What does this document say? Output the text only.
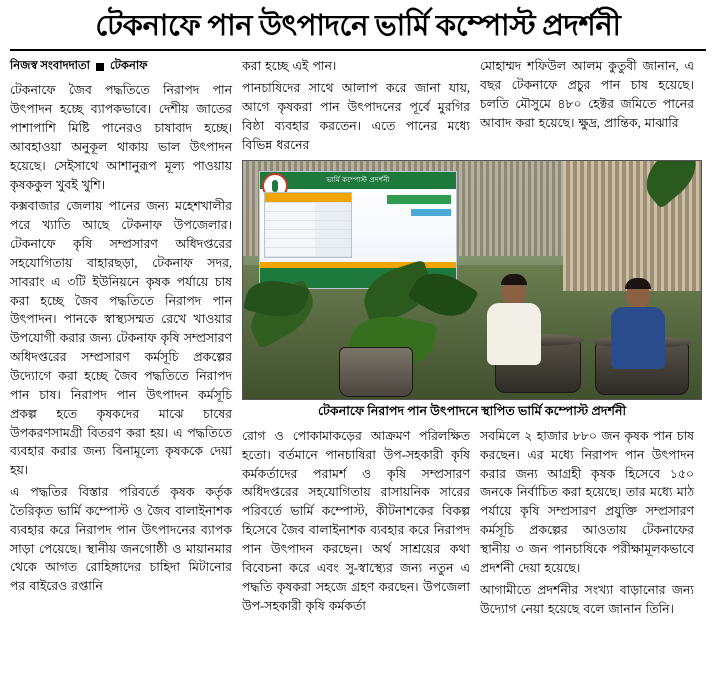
টেকনাফে পান উৎপাদনে ভার্মি কম্পোস্ট প্রদর্শনী
নিজস্ব সংবাদদাতা টেকনাফ

টেকনাফে জৈব পদ্ধতিতে নিরাপদ পান উৎপাদন হচ্ছে ব্যাপকভাবে। দেশীয় জাতের পাশাপাশি মিষ্টি পানেরও চাষাবাদ হচ্ছে। আবহাওয়া অনুকূল থাকায় ভাল উৎপাদন হয়েছে। সেইসাথে আশানুরূপ মূল্য পাওয়ায় কৃষককুল খুবই খুশি।

কক্সবাজার জেলায় পানের জন্য মহেশখালীর পরে খ্যাতি আছে টেকনাফ উপজেলার। টেকনাফে কৃষি সম্প্রসারণ অধিদপ্তরের সহযোগিতায় বাহারছড়া, টেকনাফ সদর, সাবরাং এ ৩টি ইউনিয়নে কৃষক পর্যায়ে চাষ করা হচ্ছে জৈব পদ্ধতিতে নিরাপদ পান উৎপাদন। পানকে স্বাস্থ্যসম্মত রেখে খাওয়ার উপযোগী করার জন্য টেকনাফ কৃষি সম্প্রসারণ অধিদপ্তরের সম্প্রসারণ কর্মসূচি প্রকল্পের উদ্যোগে করা হচ্ছে জৈব পদ্ধতিতে নিরাপদ পান চাষ। নিরাপদ পান উৎপাদন কর্মসূচি প্রকল্প হতে কৃষকদের মাঝে চাষের উপকরণসামগ্রী বিতরণ করা হয়। এ পদ্ধতিতে ব্যবহার করার জন্য বিনামূল্যে কৃষককে দেয়া হয়।

এ পদ্ধতির বিস্তার পরিবর্তে কৃষক কর্তৃক তৈরিকৃত ভার্মি কম্পোস্ট ও জৈব বালাইনাশক ব্যবহার করে নিরাপদ পান উৎপাদনের ব্যাপক সাড়া পেয়েছে। স্থানীয় জনগোষ্ঠী ও মায়ানমার থেকে আগত রোহিঙ্গাদের চাহিদা মিটানোর পর বাইরেও রপ্তানি

করা হচ্ছে এই পান।

পানচাষিদের সাথে আলাপ করে জানা যায়, আগে কৃষকরা পান উৎপাদনের পূর্বে মুরগির বিষ্ঠা ব্যবহার করতেন। এতে পানের মধ্যে বিভিন্ন ধরনের

মোহাম্মদ শফিউল আলম কুতুবী জানান, এ বছর টেকনাফে প্রচুর পান চাষ হয়েছে। চলতি মৌসুমে ৪৮০ হেক্টর জমিতে পানের আবাদ করা হয়েছে। ক্ষুদ্র, প্রান্তিক, মাঝারি

ভার্মি কম্পোস্ট প্রদর্শনী
টেকনাফে নিরাপদ পান উৎপাদনে স্থাপিত ভার্মি কম্পোস্ট প্রদর্শনী

রোগ ও পোকামাকড়ের আক্রমণ পরিলক্ষিত হতো। বর্তমানে পানচাষিরা উপ-সহকারী কৃষি কর্মকর্তাদের পরামর্শ ও কৃষি সম্প্রসারণ অধিদপ্তরের সহযোগিতায় রাসায়নিক সারের পরিবর্তে ভার্মি কম্পোস্ট, কীটনাশকের বিকল্প হিসেবে জৈব বালাইনাশক ব্যবহার করে নিরাপদ পান উৎপাদন করছেন। অর্থ সাশ্রয়ের কথা বিবেচনা করে এবং সু-স্বাস্থ্যের জন্য নতুন এ পদ্ধতি কৃষকরা সহজে গ্রহণ করছেন। উপজেলা উপ-সহকারী কৃষি কর্মকর্তা

সবমিলে ২ হাজার ৮৮০ জন কৃষক পান চাষ করছেন। এর মধ্যে নিরাপদ পান উৎপাদন করার জন্য আগ্রহী কৃষক হিসেবে ১৫০ জনকে নির্বাচিত করা হয়েছে। তার মধ্যে মাঠ পর্যায়ে কৃষি সম্প্রসারণ প্রযুক্তি সম্প্রসারণ কর্মসূচি প্রকল্পের আওতায় টেকনাফের স্থানীয় ৩ জন পানচাষিকে পরীক্ষামূলকভাবে প্রদর্শনী দেয়া হয়েছে।

আগামীতে প্রদর্শনীর সংখ্যা বাড়ানোর জন্য উদ্যোগ নেয়া হয়েছে বলে জানান তিনি।
